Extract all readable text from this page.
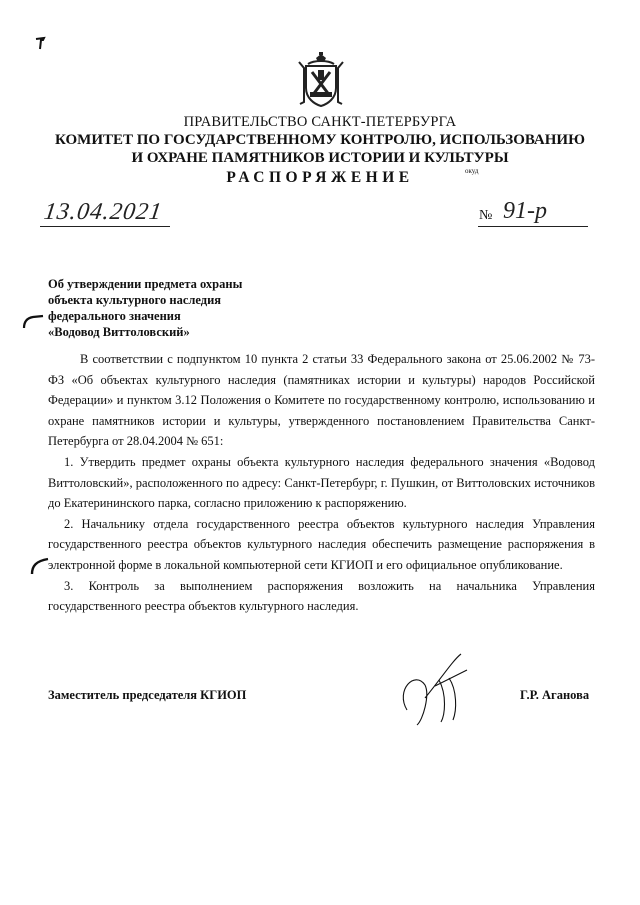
ПРАВИТЕЛЬСТВО САНКТ-ПЕТЕРБУРГА
КОМИТЕТ ПО ГОСУДАРСТВЕННОМУ КОНТРОЛЮ, ИСПОЛЬЗОВАНИЮ
И ОХРАНЕ ПАМЯТНИКОВ ИСТОРИИ И КУЛЬТУРЫ
РАСПОРЯЖЕНИЕ	окуд
13.04.2021	№ 91-р
Об утверждении предмета охраны
объекта культурного наследия
федерального значения
«Водовод Виттоловский»

В соответствии с подпунктом 10 пункта 2 статьи 33 Федерального закона от 25.06.2002 № 73-ФЗ «Об объектах культурного наследия (памятниках истории и культуры) народов Российской Федерации» и пунктом 3.12 Положения о Комитете по государственному контролю, использованию и охране памятников истории и культуры, утвержденного постановлением Правительства Санкт-Петербурга от 28.04.2004 № 651:

1. Утвердить предмет охраны объекта культурного наследия федерального значения «Водовод Виттоловский», расположенного по адресу: Санкт-Петербург, г. Пушкин, от Виттоловских источников до Екатерининского парка, согласно приложению к распоряжению.

2. Начальнику отдела государственного реестра объектов культурного наследия Управления государственного реестра объектов культурного наследия обеспечить размещение распоряжения в электронной форме в локальной компьютерной сети КГИОП и его официальное опубликование.

3. Контроль за выполнением распоряжения возложить на начальника Управления государственного реестра объектов культурного наследия.

Заместитель председателя КГИОП	Г.Р. Аганова
